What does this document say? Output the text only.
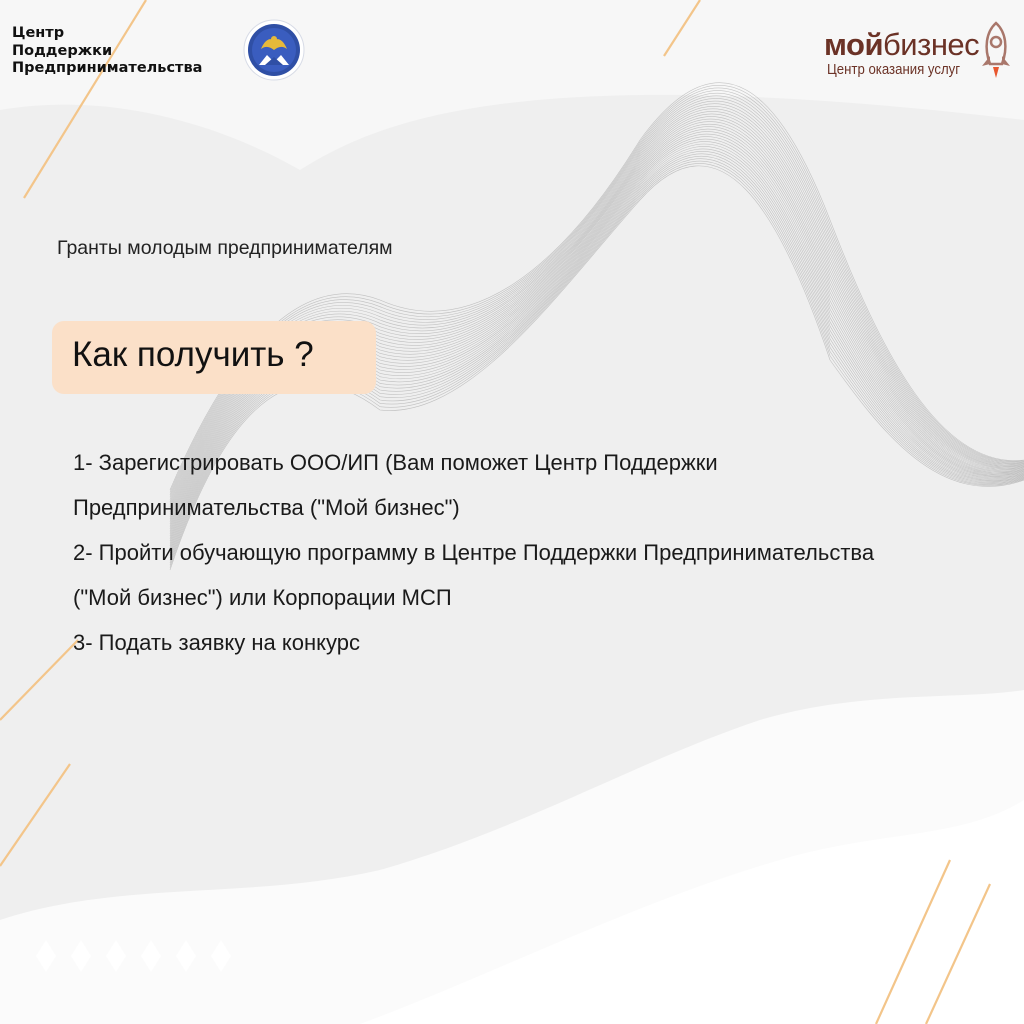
Центр
Поддержки
Предпринимательства
мойбизнес
Центр оказания услуг
Гранты молодым предпринимателям
Как получить ?
1- Зарегистрировать ООО/ИП (Вам поможет Центр Поддержки
Предпринимательства ("Мой бизнес")
2- Пройти обучающую программу в Центре Поддержки Предпринимательства
("Мой бизнес") или Корпорации МСП
3- Подать заявку на конкурс
